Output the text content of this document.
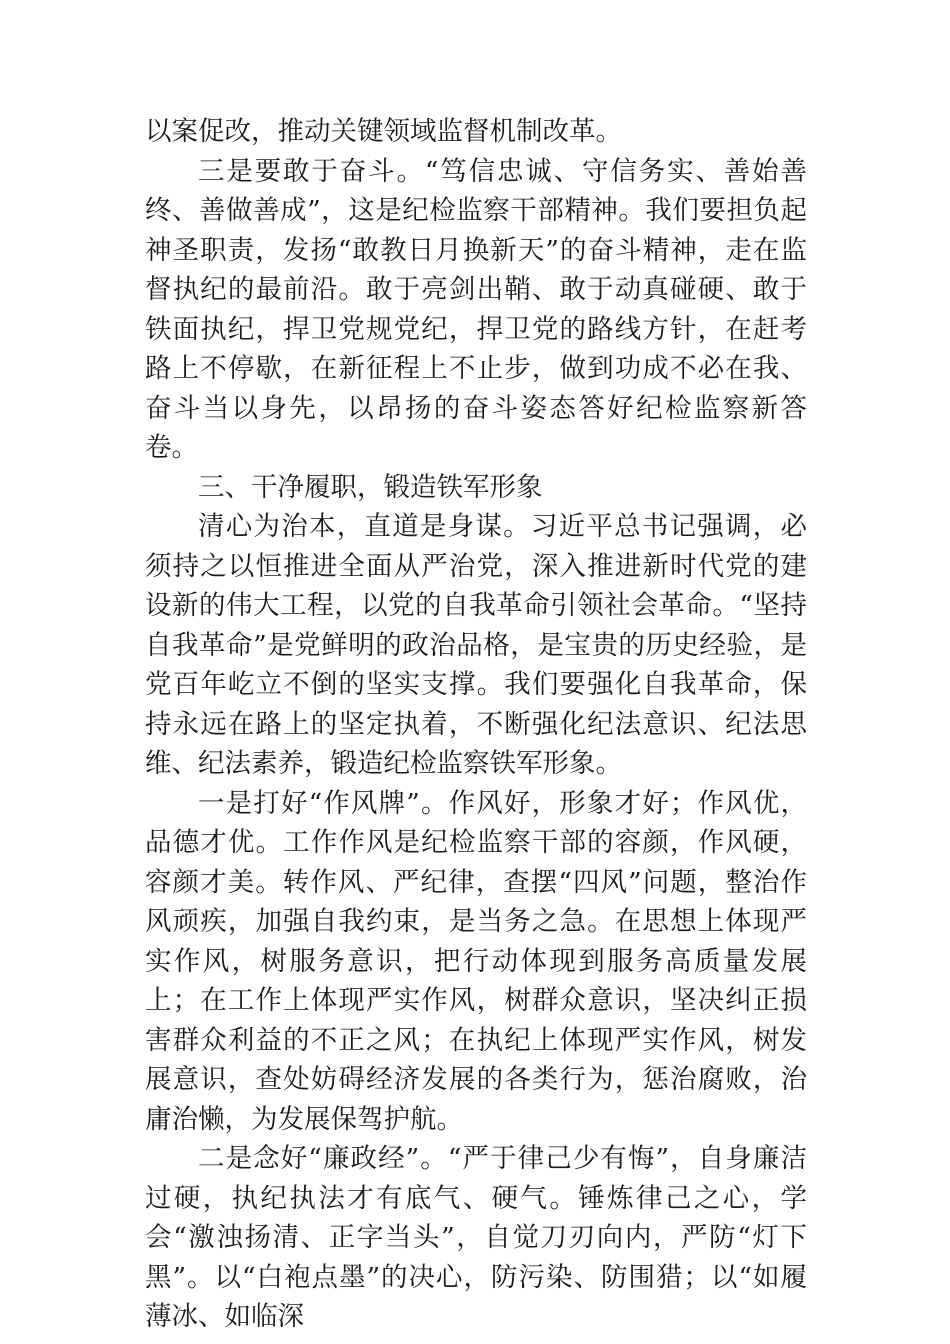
以案促改，推动关键领域监督机制改革。

三是要敢于奋斗。“笃信忠诚、守信务实、善始善终、善做善成”，这是纪检监察干部精神。我们要担负起神圣职责，发扬“敢教日月换新天”的奋斗精神，走在监督执纪的最前沿。敢于亮剑出鞘、敢于动真碰硬、敢于铁面执纪，捍卫党规党纪，捍卫党的路线方针，在赶考路上不停歇，在新征程上不止步，做到功成不必在我、奋斗当以身先，以昂扬的奋斗姿态答好纪检监察新答卷。

三、干净履职，锻造铁军形象

清心为治本，直道是身谋。习近平总书记强调，必须持之以恒推进全面从严治党，深入推进新时代党的建设新的伟大工程，以党的自我革命引领社会革命。“坚持自我革命”是党鲜明的政治品格，是宝贵的历史经验，是党百年屹立不倒的坚实支撑。我们要强化自我革命，保持永远在路上的坚定执着，不断强化纪法意识、纪法思维、纪法素养，锻造纪检监察铁军形象。

一是打好“作风牌”。作风好，形象才好；作风优，品德才优。工作作风是纪检监察干部的容颜，作风硬，容颜才美。转作风、严纪律，查摆“四风”问题，整治作风顽疾，加强自我约束，是当务之急。在思想上体现严实作风，树服务意识，把行动体现到服务高质量发展上；在工作上体现严实作风，树群众意识，坚决纠正损害群众利益的不正之风；在执纪上体现严实作风，树发展意识，查处妨碍经济发展的各类行为，惩治腐败，治庸治懒，为发展保驾护航。

二是念好“廉政经”。“严于律己少有悔”，自身廉洁过硬，执纪执法才有底气、硬气。锤炼律己之心，学会“激浊扬清、正字当头”，自觉刀刃向内，严防“灯下黑”。以“白袍点墨”的决心，防污染、防围猎；以“如履薄冰、如临深
